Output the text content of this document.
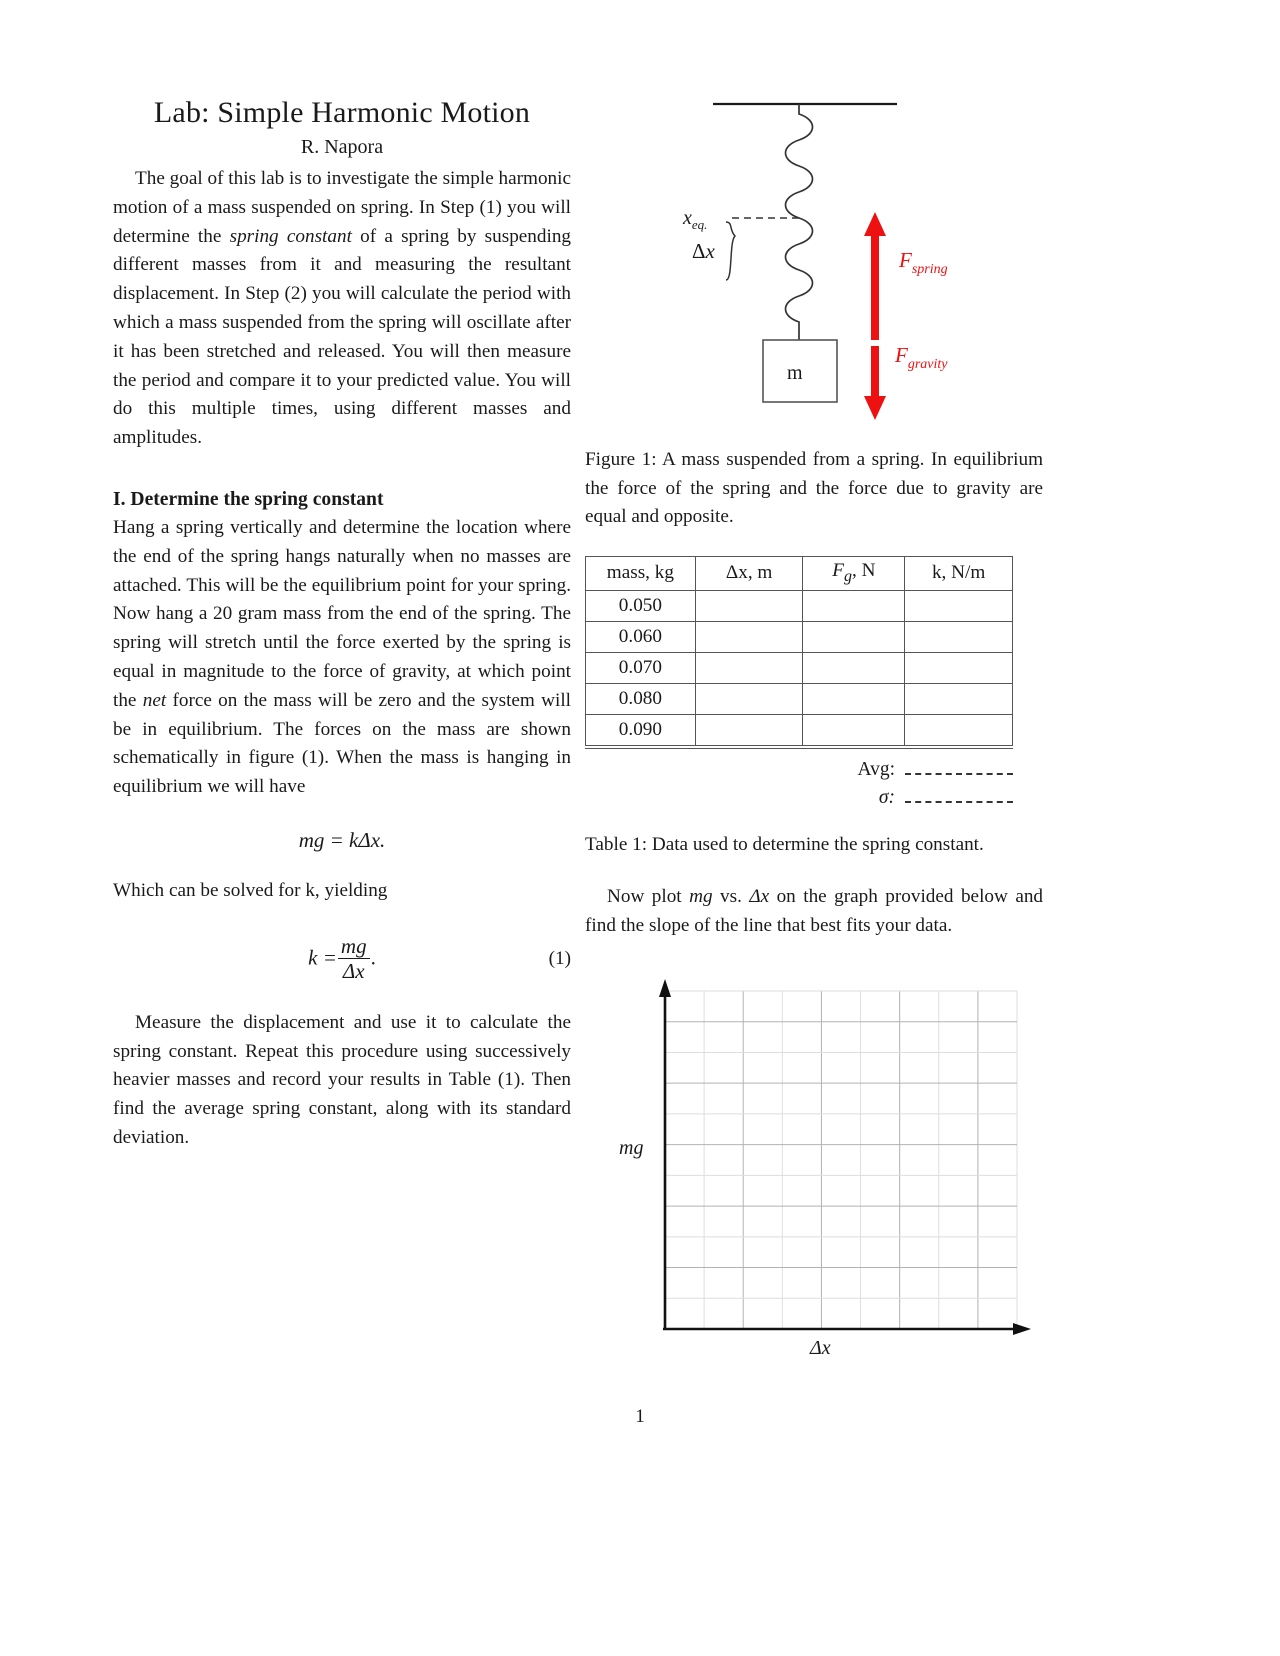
Lab: Simple Harmonic Motion
R. Napora

The goal of this lab is to investigate the simple harmonic motion of a mass suspended on spring. In Step (1) you will determine the spring constant of a spring by suspending different masses from it and measuring the resultant displacement. In Step (2) you will calculate the period with which a mass suspended from the spring will oscillate after it has been stretched and released. You will then measure the period and compare it to your predicted value. You will do this multiple times, using different masses and amplitudes.

I. Determine the spring constant

Hang a spring vertically and determine the location where the end of the spring hangs naturally when no masses are attached. This will be the equilibrium point for your spring. Now hang a 20 gram mass from the end of the spring. The spring will stretch until the force exerted by the spring is equal in magnitude to the force of gravity, at which point the net force on the mass will be zero and the system will be in equilibrium. The forces on the mass are shown schematically in figure (1). When the mass is hanging in equilibrium we will have

mg = kΔx.

Which can be solved for k, yielding

$k = \frac{mg}{\Delta x}$ .	(1)

Measure the displacement and use it to calculate the spring constant. Repeat this procedure using successively heavier masses and record your results in Table (1). Then find the average spring constant, along with its standard deviation.

$x_{eq.}$
Δx
m
$F_{spring}$
$F_{gravity}$

Figure 1: A mass suspended from a spring. In equilibrium the force of the spring and the force due to gravity are equal and opposite.

mass, kg	Δx, m	$F_g$, N	k, N/m
0.050			
0.060			
0.070			
0.080			
0.090			
Avg:
σ:

Table 1: Data used to determine the spring constant.

Now plot mg vs. Δx on the graph provided below and find the slope of the line that best fits your data.

mg
Δx
1
